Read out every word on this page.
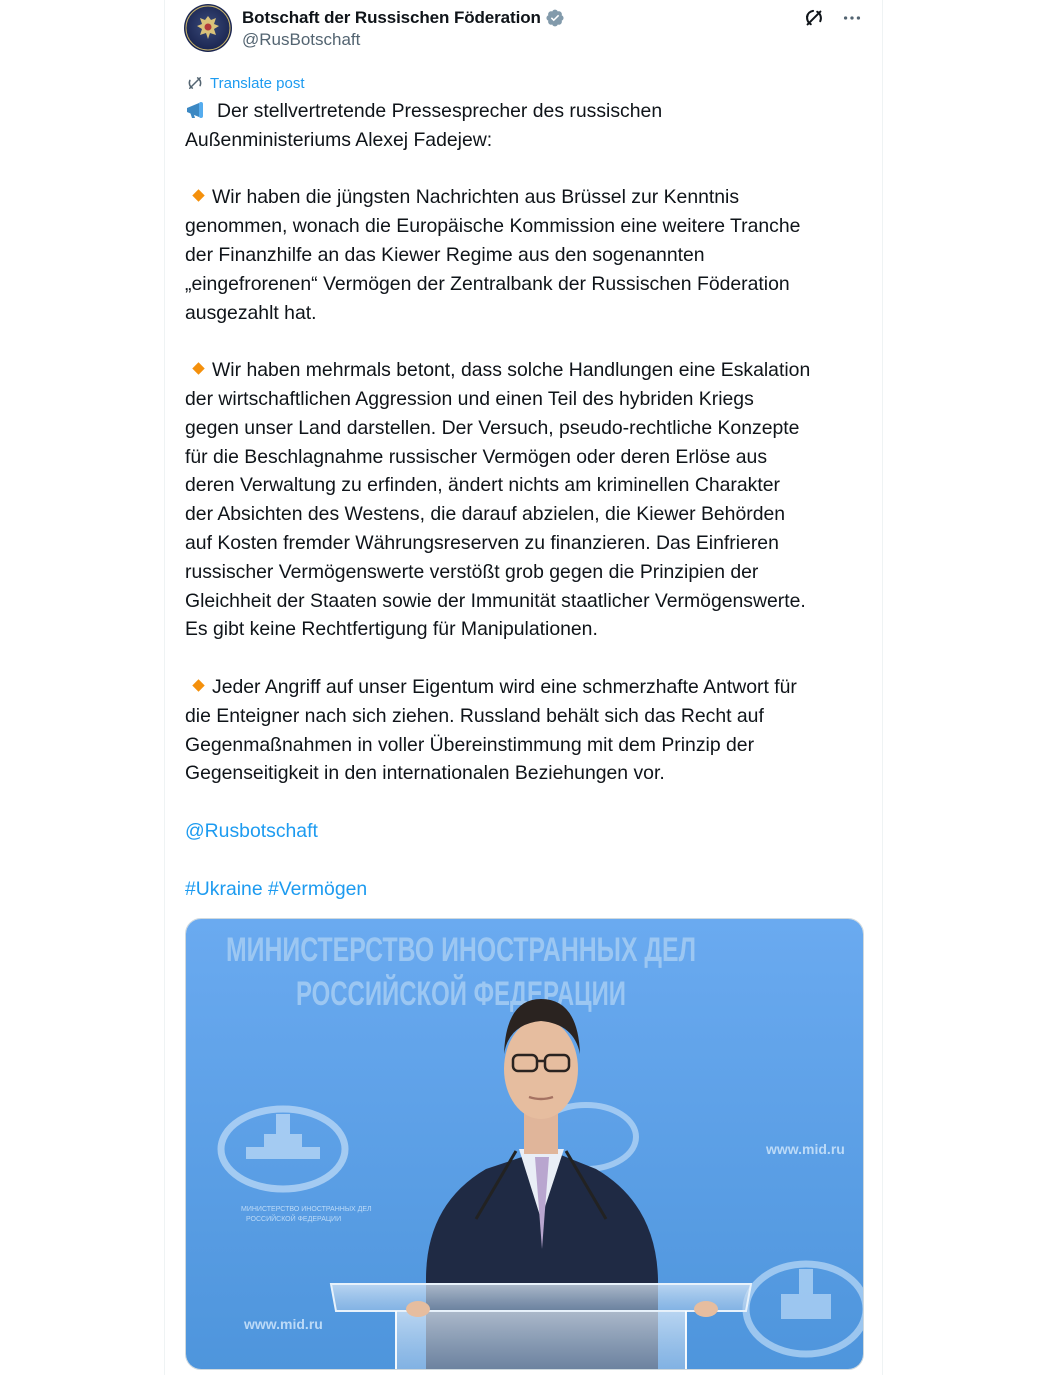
Botschaft der Russischen Föderation
@RusBotschaft
Translate post

Der stellvertretende Pressesprecher des russischen
Außenministeriums Alexej Fadejew:

Wir haben die jüngsten Nachrichten aus Brüssel zur Kenntnis
genommen, wonach die Europäische Kommission eine weitere Tranche
der Finanzhilfe an das Kiewer Regime aus den sogenannten
„eingefrorenen“ Vermögen der Zentralbank der Russischen Föderation
ausgezahlt hat.

Wir haben mehrmals betont, dass solche Handlungen eine Eskalation
der wirtschaftlichen Aggression und einen Teil des hybriden Kriegs
gegen unser Land darstellen. Der Versuch, pseudo-rechtliche Konzepte
für die Beschlagnahme russischer Vermögen oder deren Erlöse aus
deren Verwaltung zu erfinden, ändert nichts am kriminellen Charakter
der Absichten des Westens, die darauf abzielen, die Kiewer Behörden
auf Kosten fremder Währungsreserven zu finanzieren. Das Einfrieren
russischer Vermögenswerte verstößt grob gegen die Prinzipien der
Gleichheit der Staaten sowie der Immunität staatlicher Vermögenswerte.
Es gibt keine Rechtfertigung für Manipulationen.

Jeder Angriff auf unser Eigentum wird eine schmerzhafte Antwort für
die Enteigner nach sich ziehen. Russland behält sich das Recht auf
Gegenmaßnahmen in voller Übereinstimmung mit dem Prinzip der
Gegenseitigkeit in den internationalen Beziehungen vor.

@Rusbotschaft

#Ukraine #Vermögen

МИНИСТЕРСТВО ИНОСТРАННЫХ ДЕЛ
РОССИЙСКОЙ ФЕДЕРАЦИИ
МИНИСТЕРСТВО ИНОСТРАННЫХ ДЕЛ
РОССИЙСКОЙ ФЕДЕРАЦИИ
www.mid.ru
www.mid.ru
